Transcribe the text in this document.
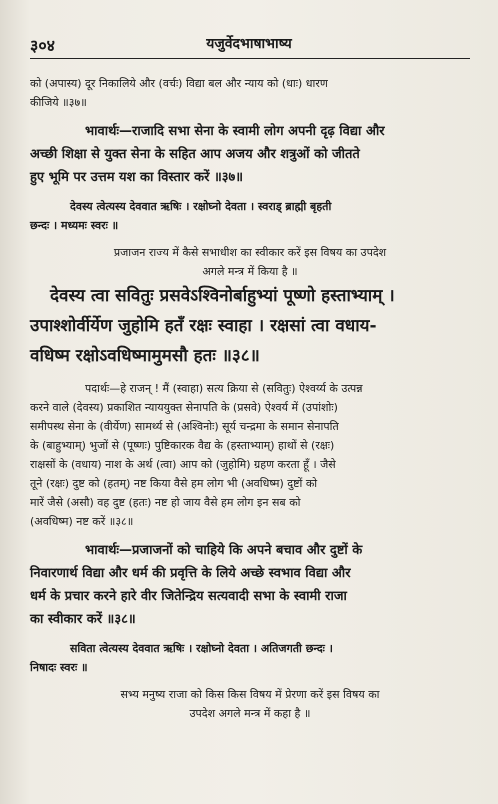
३०४	यजुर्वेदभाषाभाष्य

को (अपास्य) दूर निकालिये और (वर्चः) विद्या बल और न्याय को (धाः) धारण

कीजिये ॥३७॥

भावार्थः—राजादि सभा सेना के स्वामी लोग अपनी दृढ़ विद्या और

अच्छी शिक्षा से युक्त सेना के सहित आप अजय और शत्रुओं को जीतते

हुए भूमि पर उत्तम यश का विस्तार करें ॥३७॥

देवस्य त्वेत्यस्य देववात ऋषिः । रक्षोघ्नो देवता । स्वराड् ब्राह्मी बृहती

छन्दः । मध्यमः स्वरः ॥

प्रजाजन राज्य में कैसे सभाधीश का स्वीकार करें इस विषय का उपदेश

अगले मन्त्र में किया है ॥

देवस्य त्वा सवितुः प्रसवेऽश्विनोर्बाहुभ्यां पूष्णो हस्ताभ्याम् ।

उपाश्शोर्वीर्येण जुहोमि हतँ रक्षः स्वाहा । रक्षसां त्वा वधाय-

वधिष्म रक्षोऽवधिष्मामुमसौ हतः ॥३८॥

पदार्थः—हे राजन् ! मैं (स्वाहा) सत्य क्रिया से (सवितुः) ऐश्वर्य्य के उत्पन्न

करने वाले (देवस्य) प्रकाशित न्याययुक्त सेनापति के (प्रसवे) ऐश्वर्य में (उपांशोः)

समीपस्थ सेना के (वीर्येण) सामर्थ्य से (अश्विनोः) सूर्य चन्द्रमा के समान सेनापति

के (बाहुभ्याम्) भुजों से (पूष्णः) पुष्टिकारक वैद्य के (हस्ताभ्याम्) हाथों से (रक्षः)

राक्षसों के (वधाय) नाश के अर्थ (त्वा) आप को (जुहोमि) ग्रहण करता हूँ । जैसे

तूने (रक्षः) दुष्ट को (हतम्) नष्ट किया वैसे हम लोग भी (अवधिष्म) दुष्टों को

मारें जैसे (असौ) वह दुष्ट (हतः) नष्ट हो जाय वैसे हम लोग इन सब को

(अवधिष्म) नष्ट करें ॥३८॥

भावार्थः—प्रजाजनों को चाहिये कि अपने बचाव और दुष्टों के

निवारणार्थ विद्या और धर्म की प्रवृत्ति के लिये अच्छे स्वभाव विद्या और

धर्म के प्रचार करने हारे वीर जितेन्द्रिय सत्यवादी सभा के स्वामी राजा

का स्वीकार करें ॥३८॥

सविता त्वेत्यस्य देववात ऋषिः । रक्षोघ्नो देवता । अतिजगती छन्दः ।

निषादः स्वरः ॥

सभ्य मनुष्य राजा को किस किस विषय में प्रेरणा करें इस विषय का

उपदेश अगले मन्त्र में कहा है ॥
